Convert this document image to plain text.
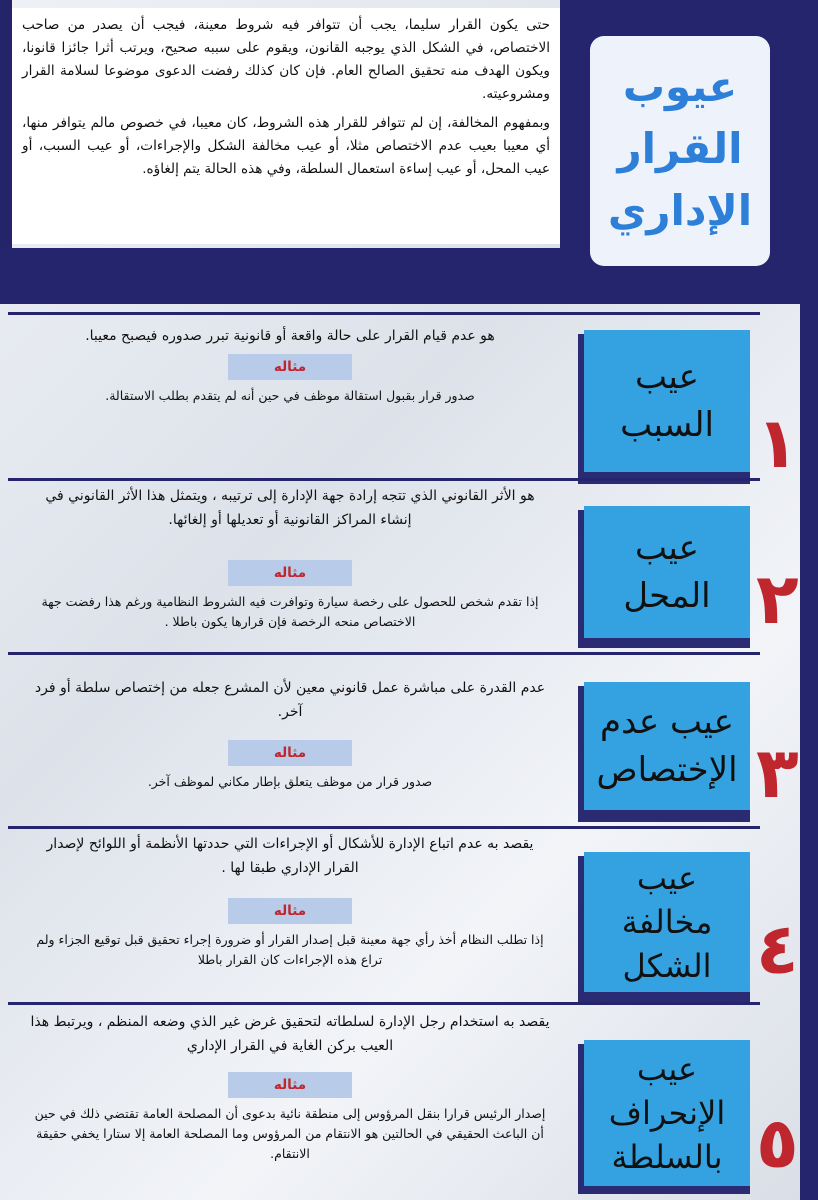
عيوب
القرار
الإداري

حتى يكون القرار سليما، يجب أن تتوافر فيه شروط معينة، فيجب أن يصدر من صاحب الاختصاص، في الشكل الذي يوجبه القانون، ويقوم على سببه صحيح، ويرتب أثرا جائزا قانونا، ويكون الهدف منه تحقيق الصالح العام. فإن كان كذلك رفضت الدعوى موضوعا لسلامة القرار ومشروعيته.

وبمفهوم المخالفة، إن لم تتوافر للقرار هذه الشروط، كان معيبا، في خصوص مالم يتوافر منها، أي معيبا بعيب عدم الاختصاص مثلا، أو عيب مخالفة الشكل والإجراءات، أو عيب السبب، أو عيب المحل، أو عيب إساءة استعمال السلطة، وفي هذه الحالة يتم إلغاؤه.

هو عدم قيام القرار على حالة واقعة أو قانونية تبرر صدوره فيصبح معيبا.
مثاله
صدور قرار بقبول استقالة موظف في حين أنه لم يتقدم بطلب الاستقالة.	عيب
السبب ١
هو الأثر القانوني الذي تتجه إرادة جهة الإدارة إلى ترتيبه ، ويتمثل هذا الأثر القانوني في إنشاء المراكز القانونية أو تعديلها أو إلغائها.
مثاله
إذا تقدم شخص للحصول على رخصة سيارة وتوافرت فيه الشروط النظامية ورغم هذا رفضت جهة الاختصاص منحه الرخصة فإن قرارها يكون باطلا .
عيب
المحل ٢
عدم القدرة على مباشرة عمل قانوني معين لأن المشرع جعله من إختصاص سلطة أو فرد آخر.
مثاله
صدور قرار من موظف يتعلق بإطار مكاني لموظف آخر.
عيب عدم
الإختصاص ٣
يقصد به عدم اتباع الإدارة للأشكال أو الإجراءات التي حددتها الأنظمة أو اللوائح لإصدار القرار الإداري طبقا لها .
مثاله
إذا تطلب النظام أخذ رأي جهة معينة قبل إصدار القرار أو ضرورة إجراء تحقيق قبل توقيع الجزاء ولم تراع هذه الإجراءات كان القرار باطلا
عيب
مخالفة
الشكل ٤
يقصد به استخدام رجل الإدارة لسلطاته لتحقيق غرض غير الذي وضعه المنظم ، ويرتبط هذا العيب بركن الغاية في القرار الإداري
مثاله
إصدار الرئيس قرارا بنقل المرؤوس إلى منطقة نائية بدعوى أن المصلحة العامة تقتضي ذلك في حين أن الباعث الحقيقي في الحالتين هو الانتقام من المرؤوس وما المصلحة العامة إلا ستارا يخفي حقيقة الانتقام.
عيب
الإنحراف
بالسلطة ٥
